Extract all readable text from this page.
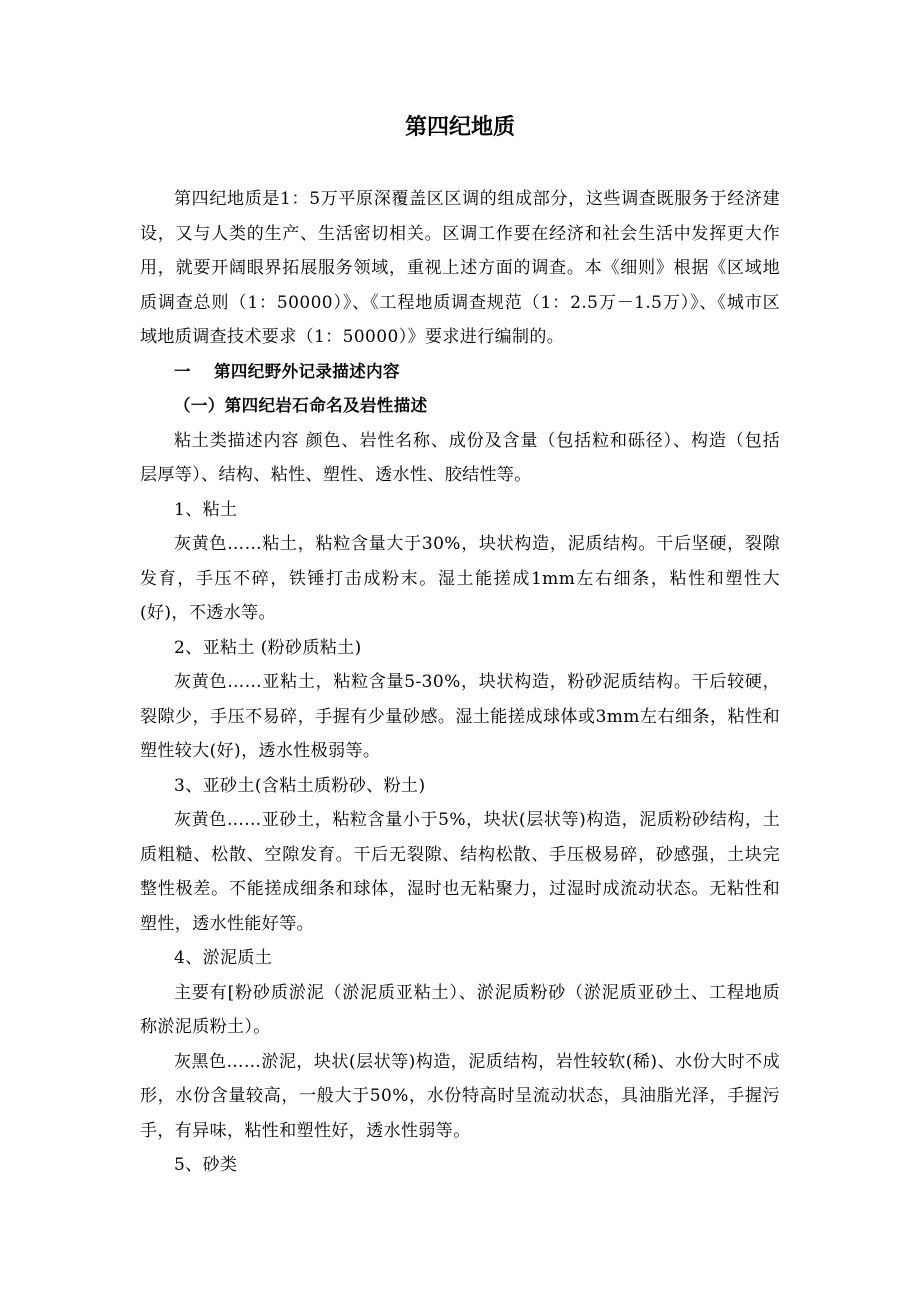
第四纪地质

第四纪地质是1：5万平原深覆盖区区调的组成部分，这些调查既服务于经济建设，又与人类的生产、生活密切相关。区调工作要在经济和社会生活中发挥更大作用，就要开阔眼界拓展服务领域，重视上述方面的调查。本《细则》根据《区域地质调查总则（1：50000）》、《工程地质调查规范（1：2.5万－1.5万）》、《城市区域地质调查技术要求（1：50000）》要求进行编制的。

一 第四纪野外记录描述内容

（一）第四纪岩石命名及岩性描述

粘土类描述内容 颜色、岩性名称、成份及含量（包括粒和砾径）、构造（包括层厚等）、结构、粘性、塑性、透水性、胶结性等。

1、粘土

灰黄色……粘土，粘粒含量大于30%，块状构造，泥质结构。干后坚硬，裂隙发育，手压不碎，铁锤打击成粉末。湿土能搓成1mm左右细条，粘性和塑性大(好)，不透水等。

2、亚粘土 (粉砂质粘土)

灰黄色……亚粘土，粘粒含量5-30%，块状构造，粉砂泥质结构。干后较硬，裂隙少，手压不易碎，手握有少量砂感。湿土能搓成球体或3mm左右细条，粘性和塑性较大(好)，透水性极弱等。

3、亚砂土(含粘土质粉砂、粉土)

灰黄色……亚砂土，粘粒含量小于5%，块状(层状等)构造，泥质粉砂结构，土质粗糙、松散、空隙发育。干后无裂隙、结构松散、手压极易碎，砂感强，土块完整性极差。不能搓成细条和球体，湿时也无粘聚力，过湿时成流动状态。无粘性和塑性，透水性能好等。

4、淤泥质土

主要有[粉砂质淤泥（淤泥质亚粘土）、淤泥质粉砂（淤泥质亚砂土、工程地质称淤泥质粉土）。

灰黑色……淤泥，块状(层状等)构造，泥质结构，岩性较软(稀)、水份大时不成形，水份含量较高，一般大于50%，水份特高时呈流动状态，具油脂光泽，手握污手，有异味，粘性和塑性好，透水性弱等。

5、砂类
